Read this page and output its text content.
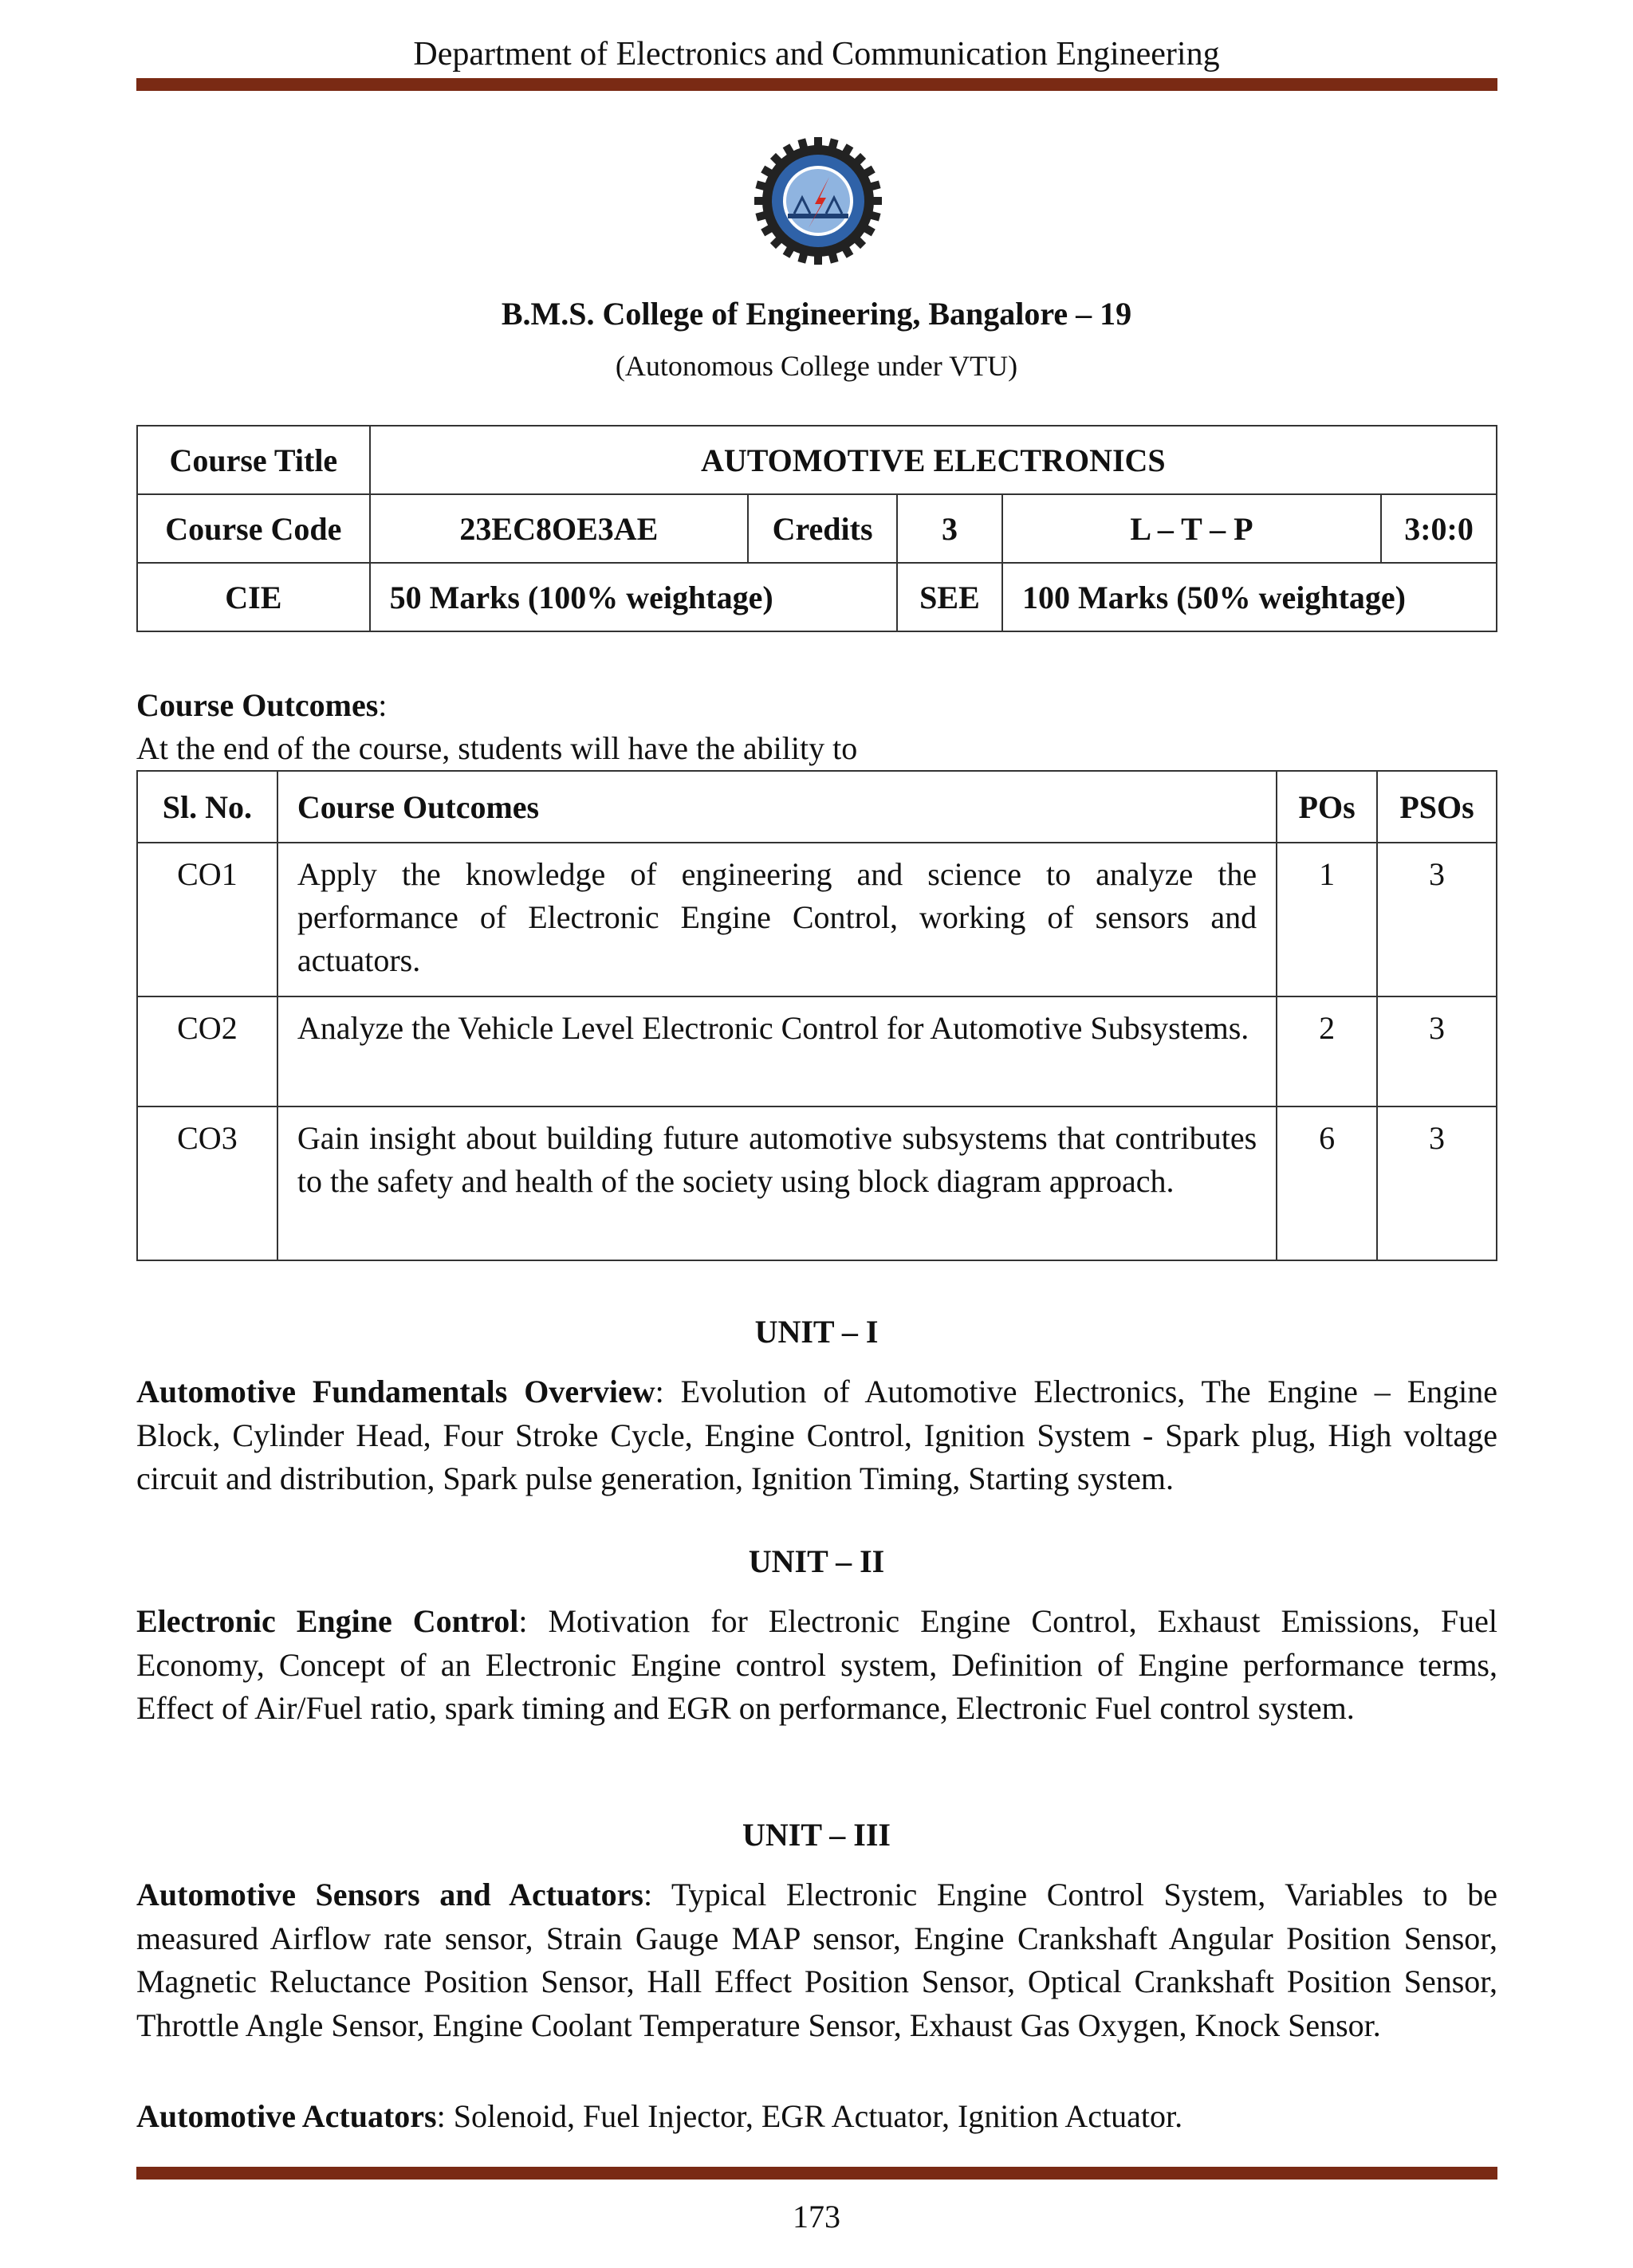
Department of Electronics and Communication Engineering
B.M.S. College of Engineering, Bangalore – 19
(Autonomous College under VTU)
Course Title	AUTOMOTIVE ELECTRONICS				
Course Code	23EC8OE3AE	Credits	3	L – T – P	3:0:0
CIE	50 Marks (100% weightage)		SEE	100 Marks (50% weightage)	
Course Outcomes:
At the end of the course, students will have the ability to
Sl. No.	Course Outcomes	POs	PSOs
CO1	Apply the knowledge of engineering and science to analyze the performance of Electronic Engine Control, working of sensors and actuators.	1	3
CO2	Analyze the Vehicle Level Electronic Control for Automotive Subsystems.	2	3
CO3	Gain insight about building future automotive subsystems that contributes to the safety and health of the society using block diagram approach.	6	3
UNIT – I

Automotive Fundamentals Overview: Evolution of Automotive Electronics, The Engine – Engine Block, Cylinder Head, Four Stroke Cycle, Engine Control, Ignition System - Spark plug, High voltage circuit and distribution, Spark pulse generation, Ignition Timing, Starting system.

UNIT – II

Electronic Engine Control: Motivation for Electronic Engine Control, Exhaust Emissions, Fuel Economy, Concept of an Electronic Engine control system, Definition of Engine performance terms, Effect of Air/Fuel ratio, spark timing and EGR on performance, Electronic Fuel control system.

UNIT – III

Automotive Sensors and Actuators: Typical Electronic Engine Control System, Variables to be measured Airflow rate sensor, Strain Gauge MAP sensor, Engine Crankshaft Angular Position Sensor, Magnetic Reluctance Position Sensor, Hall Effect Position Sensor, Optical Crankshaft Position Sensor, Throttle Angle Sensor, Engine Coolant Temperature Sensor, Exhaust Gas Oxygen, Knock Sensor.

Automotive Actuators: Solenoid, Fuel Injector, EGR Actuator, Ignition Actuator.

173
